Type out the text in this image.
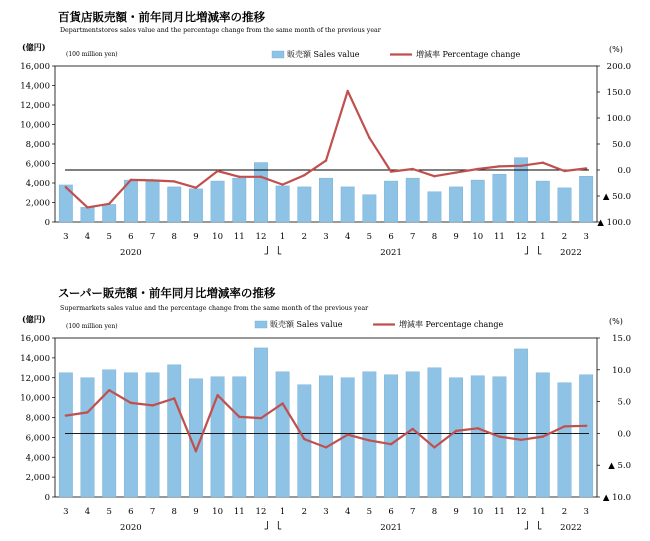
百貨店販売額・前年同月比増減率の推移
Departmentstores sales value and the percentage change from the same month of the previous year
(億円)
(100 million yen)
(%)
0
2,000
4,000
6,000
8,000
10,000
12,000
14,000
16,000
▲ 100.0
▲ 50.0
0.0
50.0
100.0
150.0
200.0
3 4 5 6 7 8 9 10 11 12 1 2 3 4 5 6 7 8 9 10 11 12 1 2 3
2020	2021	2022
販売額 Sales value	増減率 Percentage change
スーパー販売額・前年同月比増減率の推移
Supermarkets sales value and the percentage change from the same month of the previous year
(億円)
(100 million yen)
(%)
0
2,000
4,000
6,000
8,000
10,000
12,000
14,000
16,000
▲ 10.0
▲ 5.0
0.0
5.0
10.0
15.0
3 4 5 6 7 8 9 10 11 12 1 2 3 4 5 6 7 8 9 10 11 12 1 2 3
2020	2021	2022
販売額 Sales value	増減率 Percentage change
